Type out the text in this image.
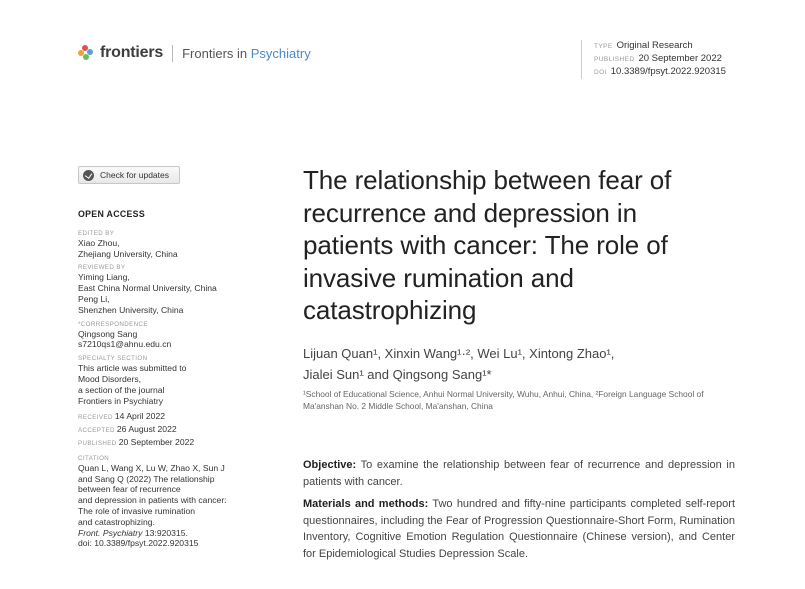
frontiers Frontiers in Psychiatry	TYPE Original Research
PUBLISHED 20 September 2022
DOI 10.3389/fpsyt.2022.920315
Check for updates
OPEN ACCESS
EDITED BY
Xiao Zhou,
Zhejiang University, China
REVIEWED BY
Yiming Liang,
East China Normal University, China
Peng Li,
Shenzhen University, China
*CORRESPONDENCE
Qingsong Sang
s7210qs1@ahnu.edu.cn
SPECIALTY SECTION
This article was submitted to
Mood Disorders,
a section of the journal
Frontiers in Psychiatry
RECEIVED 14 April 2022
ACCEPTED 26 August 2022
PUBLISHED 20 September 2022
CITATION
Quan L, Wang X, Lu W, Zhao X, Sun J
and Sang Q (2022) The relationship
between fear of recurrence
and depression in patients with cancer:
The role of invasive rumination
and catastrophizing.
Front. Psychiatry 13:920315.
doi: 10.3389/fpsyt.2022.920315
The relationship between fear of
recurrence and depression in
patients with cancer: The role of
invasive rumination and
catastrophizing
Lijuan Quan¹, Xinxin Wang¹·², Wei Lu¹, Xintong Zhao¹,
Jialei Sun¹ and Qingsong Sang¹*
¹School of Educational Science, Anhui Normal University, Wuhu, Anhui, China, ²Foreign Language School of Ma'anshan No. 2 Middle School, Ma'anshan, China

Objective: To examine the relationship between fear of recurrence and depression in patients with cancer.

Materials and methods: Two hundred and fifty-nine participants completed self-report questionnaires, including the Fear of Progression Questionnaire-Short Form, Rumination Inventory, Cognitive Emotion Regulation Questionnaire (Chinese version), and Center for Epidemiological Studies Depression Scale.
